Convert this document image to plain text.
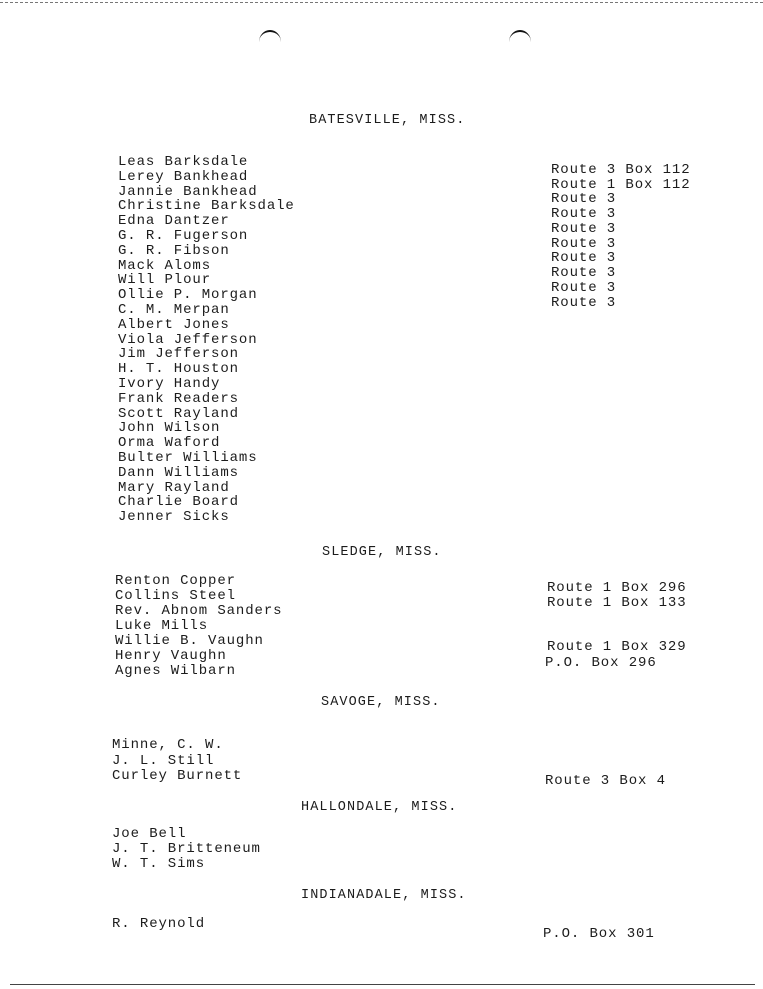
BATESVILLE, MISS.
Leas Barksdale
Lerey Bankhead
Jannie Bankhead
Christine Barksdale
Edna Dantzer
G. R. Fugerson
G. R. Fibson
Mack Aloms
Will Plour
Ollie P. Morgan
C. M. Merpan
Albert Jones
Viola Jefferson
Jim Jefferson
H. T. Houston
Ivory Handy
Frank Readers
Scott Rayland
John Wilson
Orma Waford
Bulter Williams
Dann Williams
Mary Rayland
Charlie Board
Jenner Sicks
Route 3 Box 112
Route 1 Box 112
Route 3
Route 3
Route 3
Route 3
Route 3
Route 3
Route 3
Route 3
SLEDGE, MISS.
Renton Copper
Collins Steel
Rev. Abnom Sanders
Luke Mills
Willie B. Vaughn
Henry Vaughn
Agnes Wilbarn
Route 1 Box 296
Route 1 Box 133
Route 1 Box 329
P.O. Box 296
SAVOGE, MISS.
Minne, C. W.
J. L. Still
Curley Burnett	Route 3 Box 4
HALLONDALE, MISS.
Joe Bell
J. T. Britteneum
W. T. Sims
INDIANADALE, MISS.
R. Reynold
P.O. Box 301
